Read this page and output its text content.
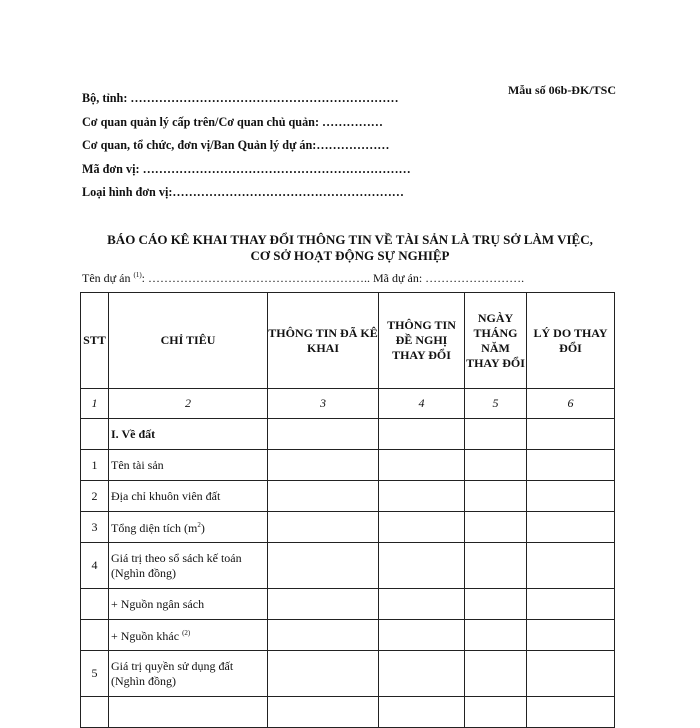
Mẫu số 06b-ĐK/TSC
Bộ, tỉnh: …………………………………………………………
Cơ quan quản lý cấp trên/Cơ quan chủ quản: ……………
Cơ quan, tổ chức, đơn vị/Ban Quản lý dự án:………………
Mã đơn vị: …………………………………………………………
Loại hình đơn vị:…………………………………………………
BÁO CÁO KÊ KHAI THAY ĐỔI THÔNG TIN VỀ TÀI SẢN LÀ TRỤ SỞ LÀM VIỆC,
CƠ SỞ HOẠT ĐỘNG SỰ NGHIỆP
Tên dự án $^{(1)}$: ……………………………………………….. Mã dự án: …………………….
STT	CHỈ TIÊU	THÔNG TIN ĐÃ KÊ KHAI	THÔNG TIN ĐỀ NGHỊ THAY ĐỔI	NGÀY THÁNG NĂM THAY ĐỔI	LÝ DO THAY ĐỔI
1	2	3	4	5	6
	I. Về đất				
1	Tên tài sản				
2	Địa chỉ khuôn viên đất				
3	Tổng diện tích $(m^2)$				
4	Giá trị theo sổ sách kế toán (Nghìn đồng)				
	+ Nguồn ngân sách				
	+ Nguồn khác $^{(2)}$				
5	Giá trị quyền sử dụng đất (Nghìn đồng)				
